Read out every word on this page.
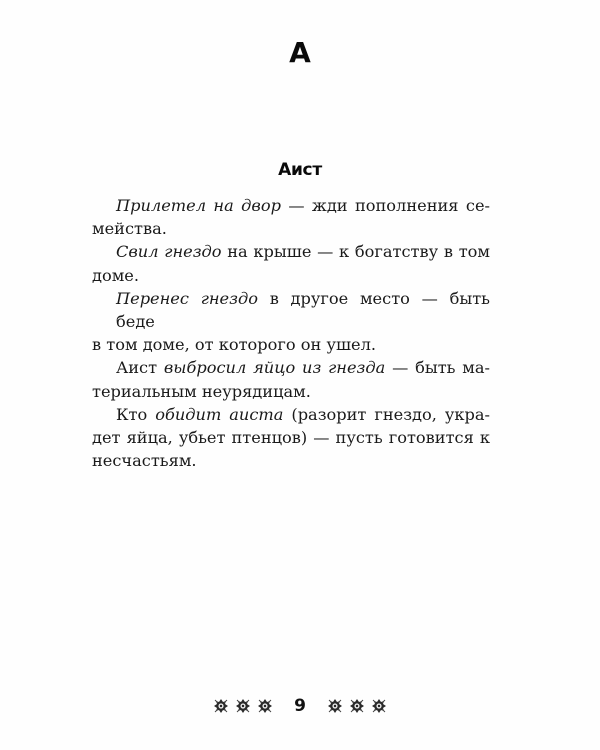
А
Аист
Прилетел на двор — жди пополнения се-
мейства.
Свил гнездо на крыше — к богатству в том
доме.
Перенес гнездо в другое место — быть беде
в том доме, от которого он ушел.
Аист выбросил яйцо из гнезда — быть ма-
териальным неурядицам.
Кто обидит аиста (разорит гнездо, укра-
дет яйца, убьет птенцов) — пусть готовится к
несчастьям.
9
